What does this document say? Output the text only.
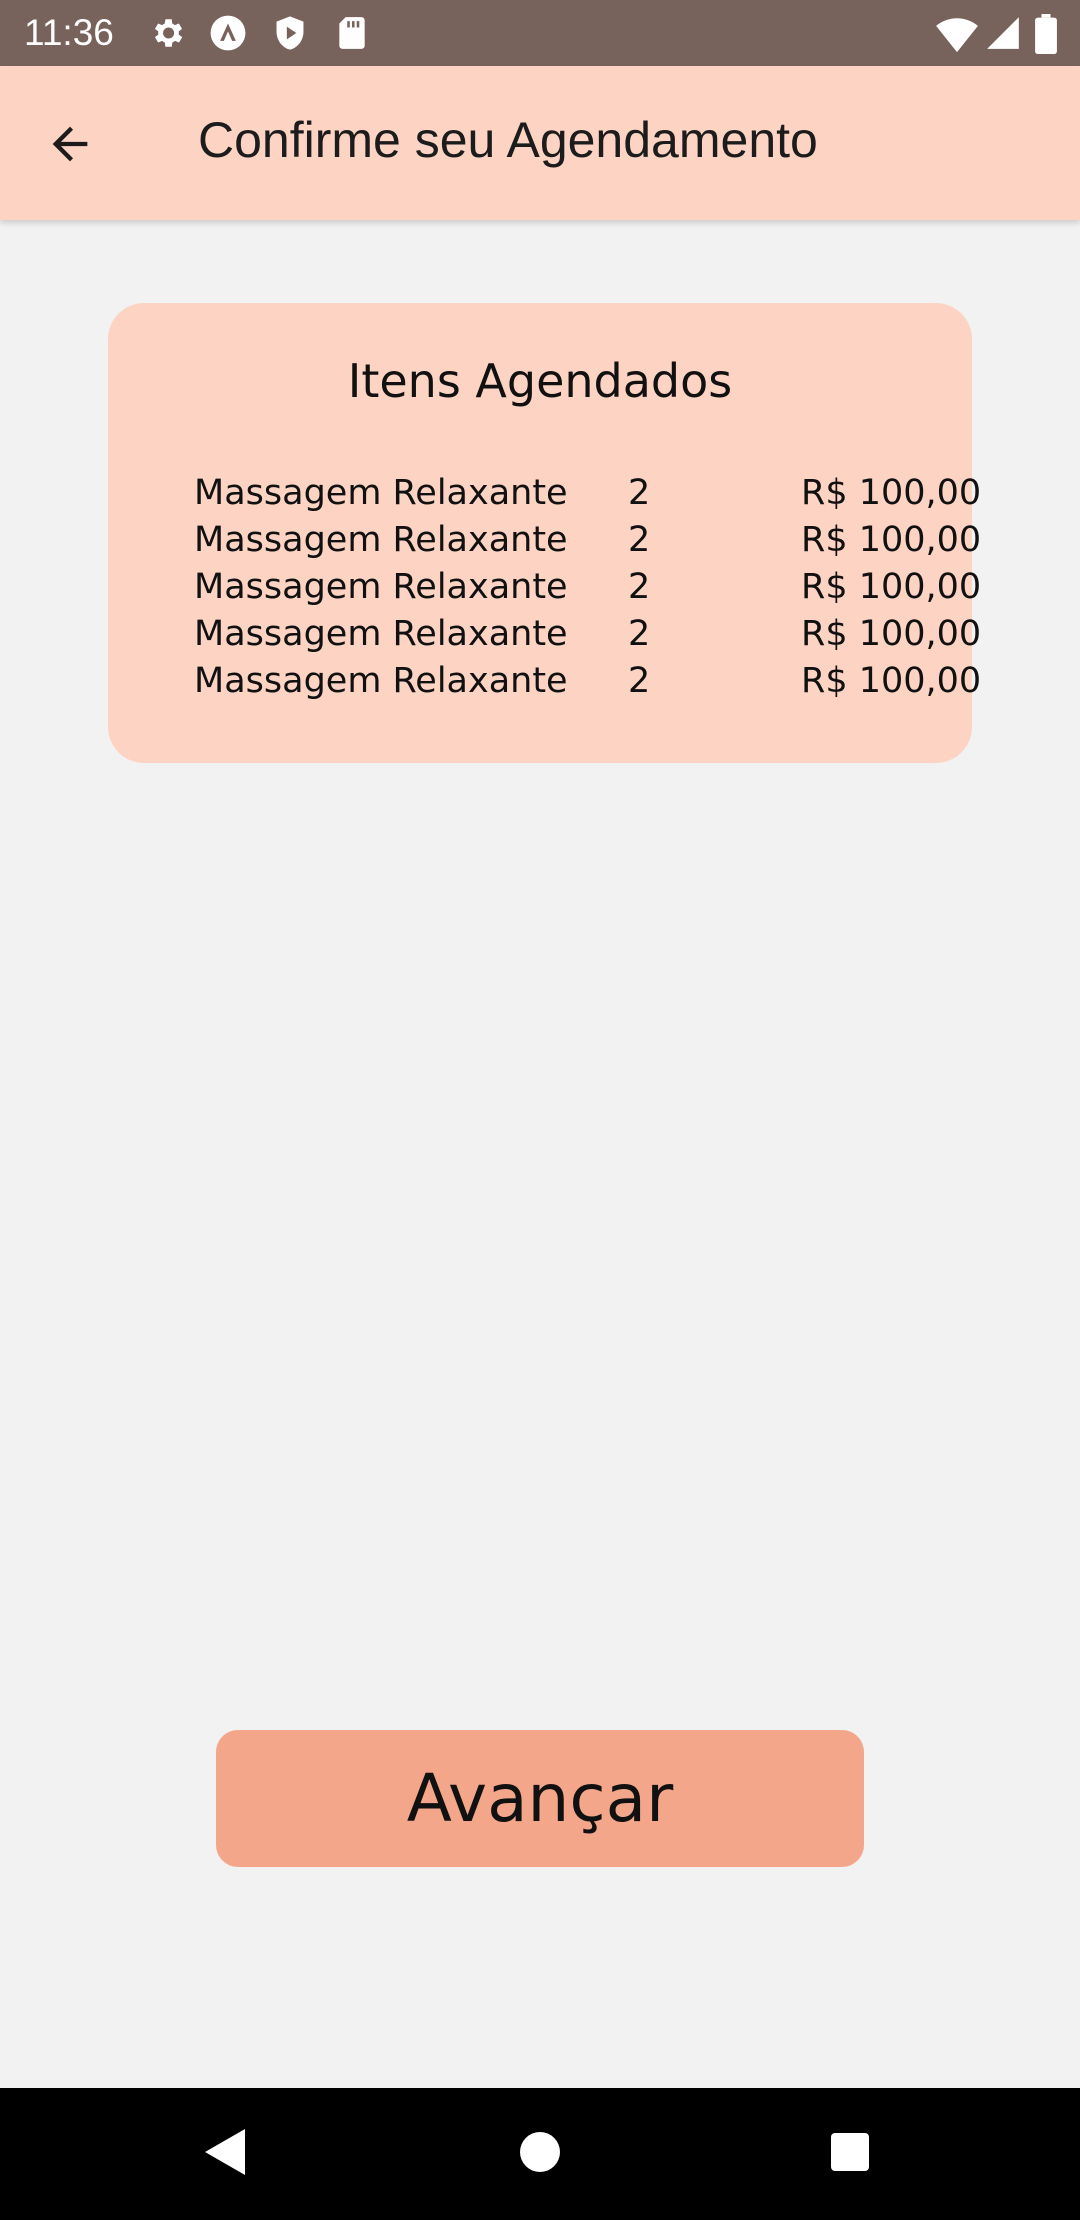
11:36
Confirme seu Agendamento
Itens Agendados
Massagem Relaxante 2	R$ 100,00
Massagem Relaxante 2	R$ 100,00
Massagem Relaxante 2	R$ 100,00
Massagem Relaxante 2	R$ 100,00
Massagem Relaxante 2	R$ 100,00
Avançar
